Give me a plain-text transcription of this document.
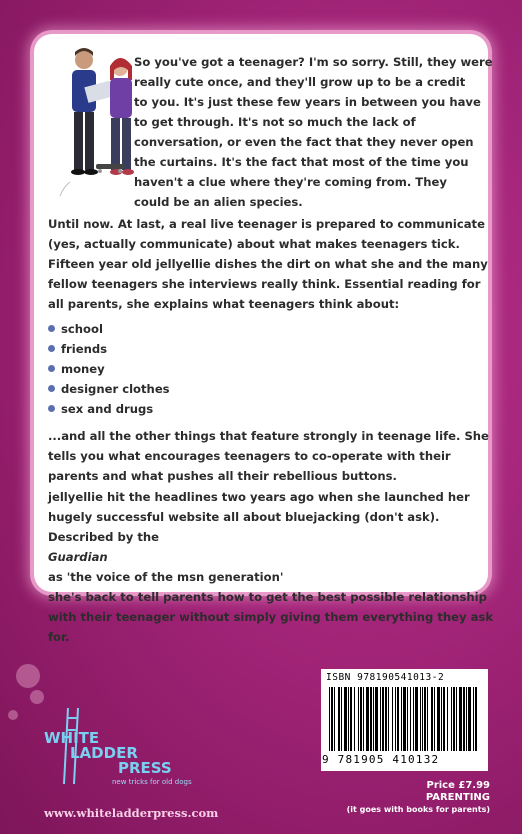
So you've got a teenager? I'm so sorry. Still, they were
really cute once, and they'll grow up to be a credit
to you. It's just these few years in between you have
to get through. It's not so much the lack of
conversation, or even the fact that they never open
the curtains. It's the fact that most of the time you
haven't a clue where they're coming from. They
could be an alien species.
Until now. At last, a real live teenager is prepared to communicate
(yes, actually communicate) about what makes teenagers tick.
Fifteen year old jellyellie dishes the dirt on what she and the many
fellow teenagers she interviews really think. Essential reading for
all parents, she explains what teenagers think about:
school
friends
money
designer clothes
sex and drugs
...and all the other things that feature strongly in teenage life. She
tells you what encourages teenagers to co-operate with their
parents and what pushes all their rebellious buttons.
jellyellie hit the headlines two years ago when she launched her
hugely successful website all about bluejacking (don't ask).
Described by the
Guardian
as 'the voice of the msn generation'
she's back to tell parents how to get the best possible relationship
with their teenager without simply giving them everything they ask
for.
WHITE
LADDER
PRESS
new tricks for old dogs
www.whiteladderpress.com
ISBN 978190541013-2
9 781905 410132
Price £7.99
PARENTING
(it goes with books for parents)
